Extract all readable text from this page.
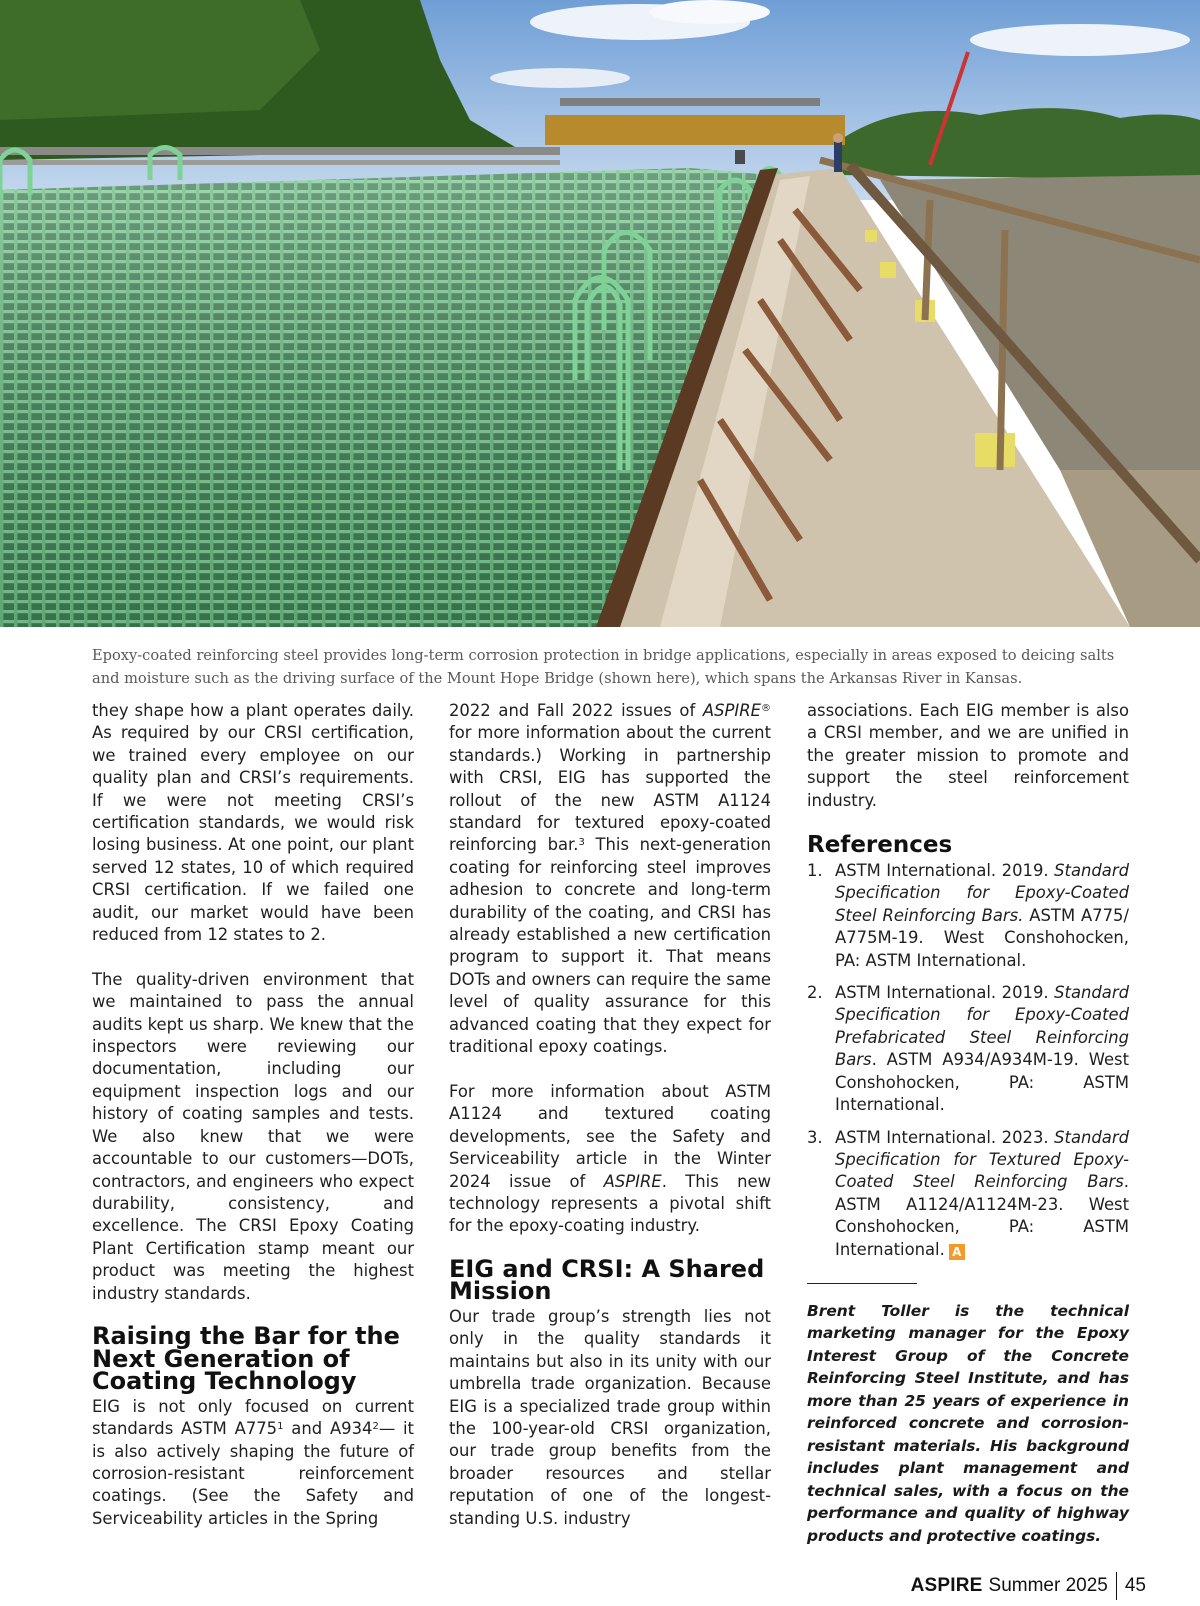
Epoxy-coated reinforcing steel provides long-term corrosion protection in bridge applications, especially in areas exposed to deicing salts and moisture such as the driving surface of the Mount Hope Bridge (shown here), which spans the Arkansas River in Kansas.

they shape how a plant operates daily. As required by our CRSI certification, we trained every employee on our quality plan and CRSI’s requirements. If we were not meeting CRSI’s certification standards, we would risk losing business. At one point, our plant served 12 states, 10 of which required CRSI certification. If we failed one audit, our market would have been reduced from 12 states to 2.

The quality-driven environment that we maintained to pass the annual audits kept us sharp. We knew that the inspectors were reviewing our documentation, including our equipment inspection logs and our history of coating samples and tests. We also knew that we were accountable to our customers—DOTs, contractors, and engineers who expect durability, consistency, and excellence. The CRSI Epoxy Coating Plant Certification stamp meant our product was meeting the highest industry standards.

Raising the Bar for the Next Generation of Coating Technology

EIG is not only focused on current standards ASTM $A775^1$ and $A934^2—$ it is also actively shaping the future of corrosion-resistant reinforcement coatings. (See the Safety and Serviceability articles in the Spring

2022 and Fall 2022 issues of ASPIRE® for more information about the current standards.) Working in partnership with CRSI, EIG has supported the rollout of the new ASTM A1124 standard for textured epoxy-coated reinforcing bar.$^3$ This next-generation coating for reinforcing steel improves adhesion to concrete and long-term durability of the coating, and CRSI has already established a new certification program to support it. That means DOTs and owners can require the same level of quality assurance for this advanced coating that they expect for traditional epoxy coatings.

For more information about ASTM A1124 and textured coating developments, see the Safety and Serviceability article in the Winter 2024 issue of ASPIRE. This new technology represents a pivotal shift for the epoxy-coating industry.

EIG and CRSI: A Shared Mission

Our trade group’s strength lies not only in the quality standards it maintains but also in its unity with our umbrella trade organization. Because EIG is a specialized trade group within the 100-year-old CRSI organization, our trade group benefits from the broader resources and stellar reputation of one of the longest-standing U.S. industry

associations. Each EIG member is also a CRSI member, and we are unified in the greater mission to promote and support the steel reinforcement industry.

References
1. ASTM International. 2019. Standard Specification for Epoxy-Coated Steel Reinforcing Bars. ASTM A775/ A775M-19. West Conshohocken, PA: ASTM International.

2. ASTM International. 2019. Standard Specification for Epoxy-Coated Prefabricated Steel Reinforcing Bars. ASTM A934/A934M-19. West Conshohocken, PA: ASTM International.

3. ASTM International. 2023. Standard Specification for Textured Epoxy-Coated Steel Reinforcing Bars. ASTM A1124/A1124M-23. West Conshohocken, PA: ASTM International. A

Brent Toller is the technical marketing manager for the Epoxy Interest Group of the Concrete Reinforcing Steel Institute, and has more than 25 years of experience in reinforced concrete and corrosion-resistant materials. His background includes plant management and technical sales, with a focus on the performance and quality of highway products and protective coatings.

ASPIRE Summer 2025 45
